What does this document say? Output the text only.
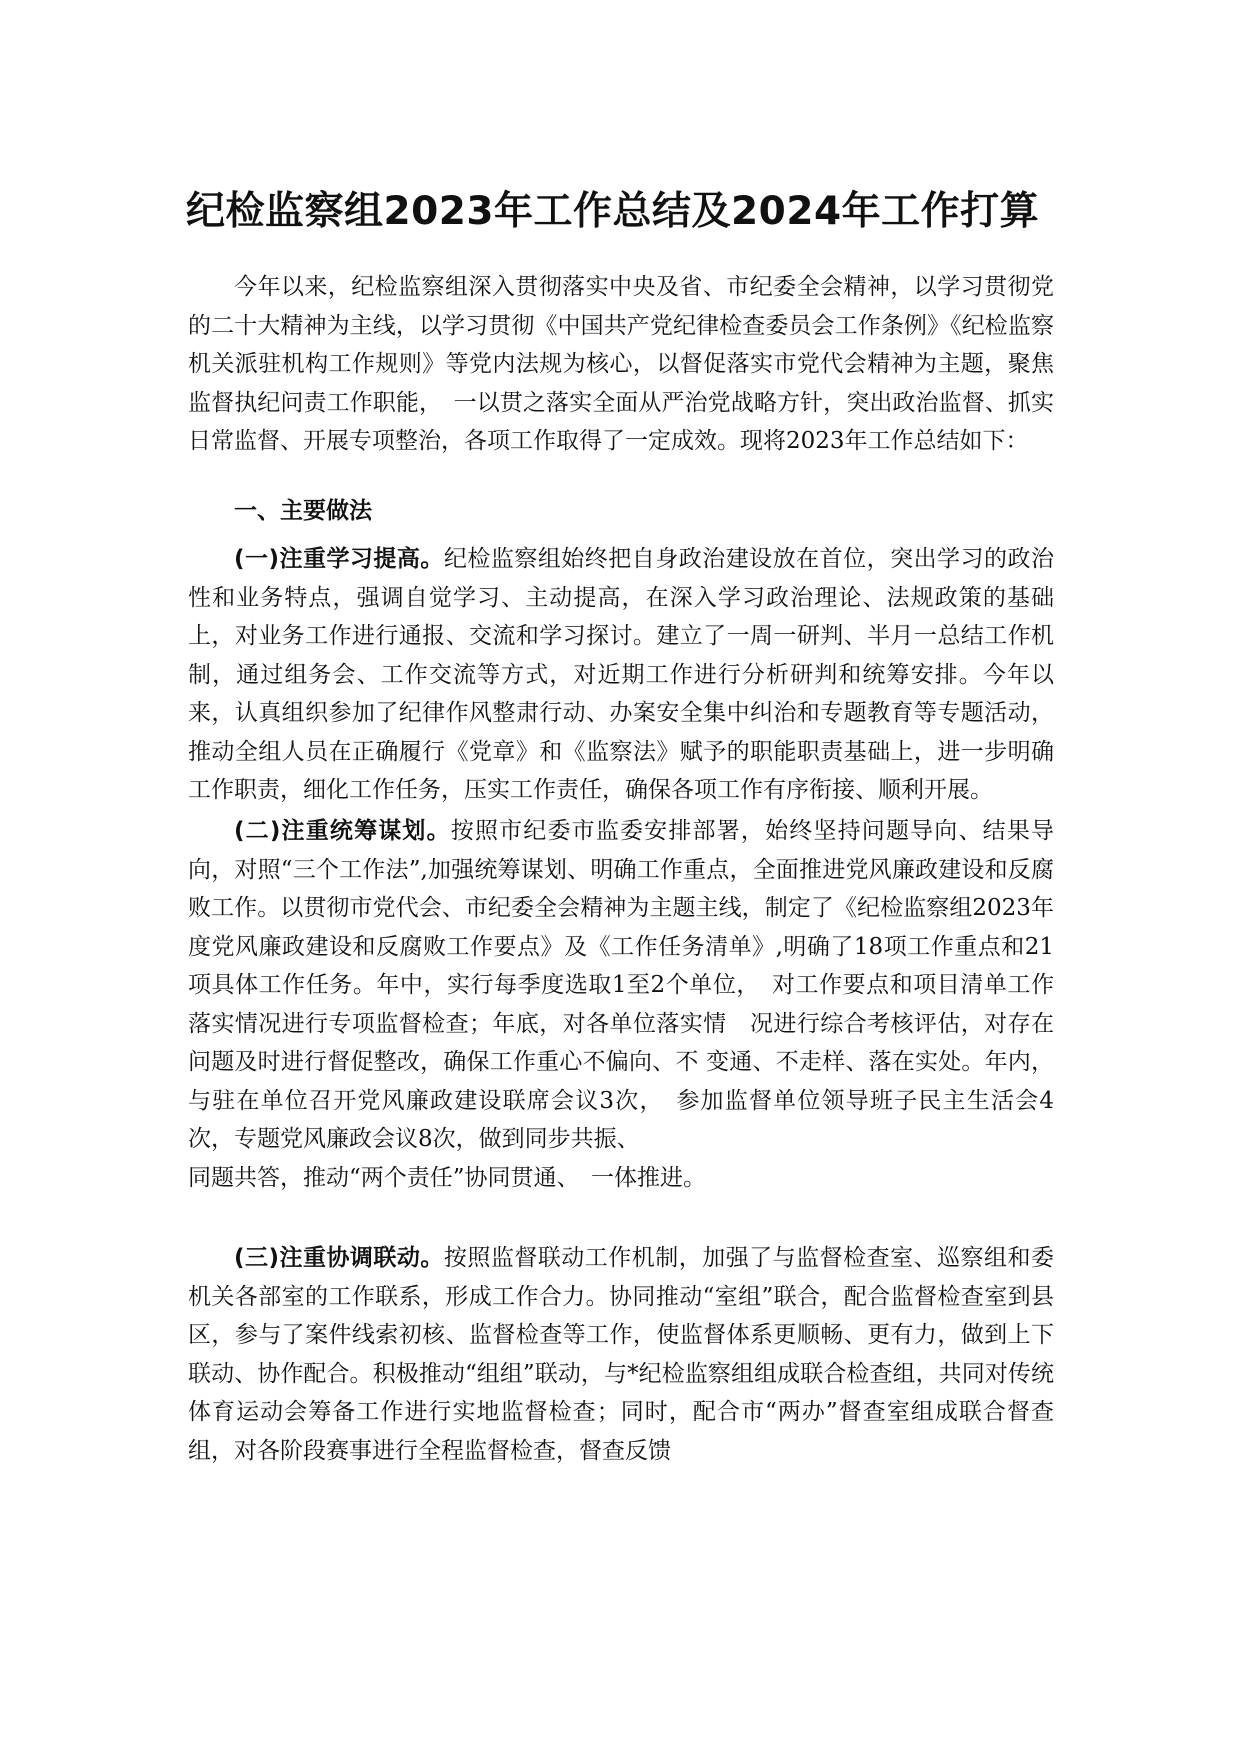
纪检监察组2023年工作总结及2024年工作打算

今年以来，纪检监察组深入贯彻落实中央及省、市纪委全会精神，以学习贯彻党的二十大精神为主线，以学习贯彻《中国共产党纪律检查委员会工作条例》《纪检监察机关派驻机构工作规则》等党内法规为核心，以督促落实市党代会精神为主题，聚焦监督执纪问责工作职能，　一以贯之落实全面从严治党战略方针，突出政治监督、抓实日常监督、开展专项整治，各项工作取得了一定成效。现将2023年工作总结如下：

一、主要做法

(一)注重学习提高。纪检监察组始终把自身政治建设放在首位，突出学习的政治性和业务特点，强调自觉学习、主动提高，在深入学习政治理论、法规政策的基础上，对业务工作进行通报、交流和学习探讨。建立了一周一研判、半月一总结工作机制，通过组务会、工作交流等方式，对近期工作进行分析研判和统筹安排。今年以来，认真组织参加了纪律作风整肃行动、办案安全集中纠治和专题教育等专题活动，推动全组人员在正确履行《党章》和《监察法》赋予的职能职责基础上，进一步明确工作职责，细化工作任务，压实工作责任，确保各项工作有序衔接、顺利开展。

(二)注重统筹谋划。按照市纪委市监委安排部署，始终坚持问题导向、结果导向，对照“三个工作法”,加强统筹谋划、明确工作重点，全面推进党风廉政建设和反腐败工作。以贯彻市党代会、市纪委全会精神为主题主线，制定了《纪检监察组2023年度党风廉政建设和反腐败工作要点》及《工作任务清单》,明确了18项工作重点和21项具体工作任务。年中，实行每季度选取1至2个单位，　对工作要点和项目清单工作落实情况进行专项监督检查；年底，对各单位落实情　况进行综合考核评估，对存在问题及时进行督促整改，确保工作重心不偏向、不 变通、不走样、落在实处。年内，与驻在单位召开党风廉政建设联席会议3次，　参加监督单位领导班子民主生活会4次，专题党风廉政会议8次，做到同步共振、
同题共答，推动“两个责任”协同贯通、　一体推进。

(三)注重协调联动。按照监督联动工作机制，加强了与监督检查室、巡察组和委机关各部室的工作联系，形成工作合力。协同推动“室组”联合，配合监督检查室到县区，参与了案件线索初核、监督检查等工作，使监督体系更顺畅、更有力，做到上下联动、协作配合。积极推动“组组”联动，与*纪检监察组组成联合检查组，共同对传统体育运动会筹备工作进行实地监督检查；同时，配合市“两办”督查室组成联合督查组，对各阶段赛事进行全程监督检查，督查反馈
